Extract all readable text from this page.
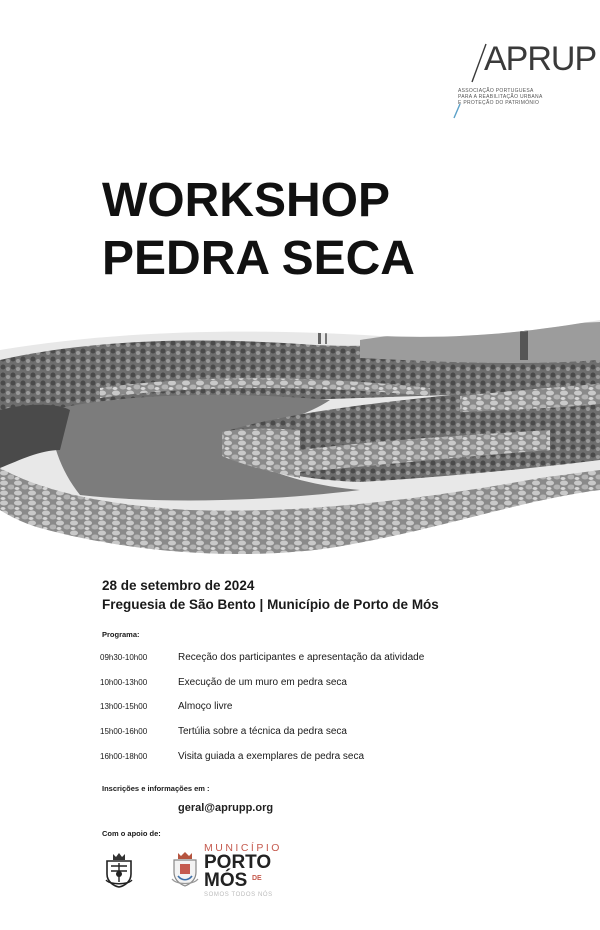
APRUP
ASSOCIAÇÃO PORTUGUESA
PARA A REABILITAÇÃO URBANA
E PROTEÇÃO DO PATRIMÓNIO
WORKSHOP
PEDRA SECA
28 de setembro de 2024
Freguesia de São Bento | Município de Porto de Mós
Programa:
09h30-10h00	Receção dos participantes e apresentação da atividade
10h00-13h00	Execução de um muro em pedra seca
13h00-15h00	Almoço livre
15h00-16h00	Tertúlia sobre a técnica da pedra seca
16h00-18h00	Visita guiada a exemplares de pedra seca
Inscrições e informações em :
geral@aprupp.org
Com o apoio de:
MUNICÍPIO
PORTO
MÓS DE
SOMOS TODOS NÓS
